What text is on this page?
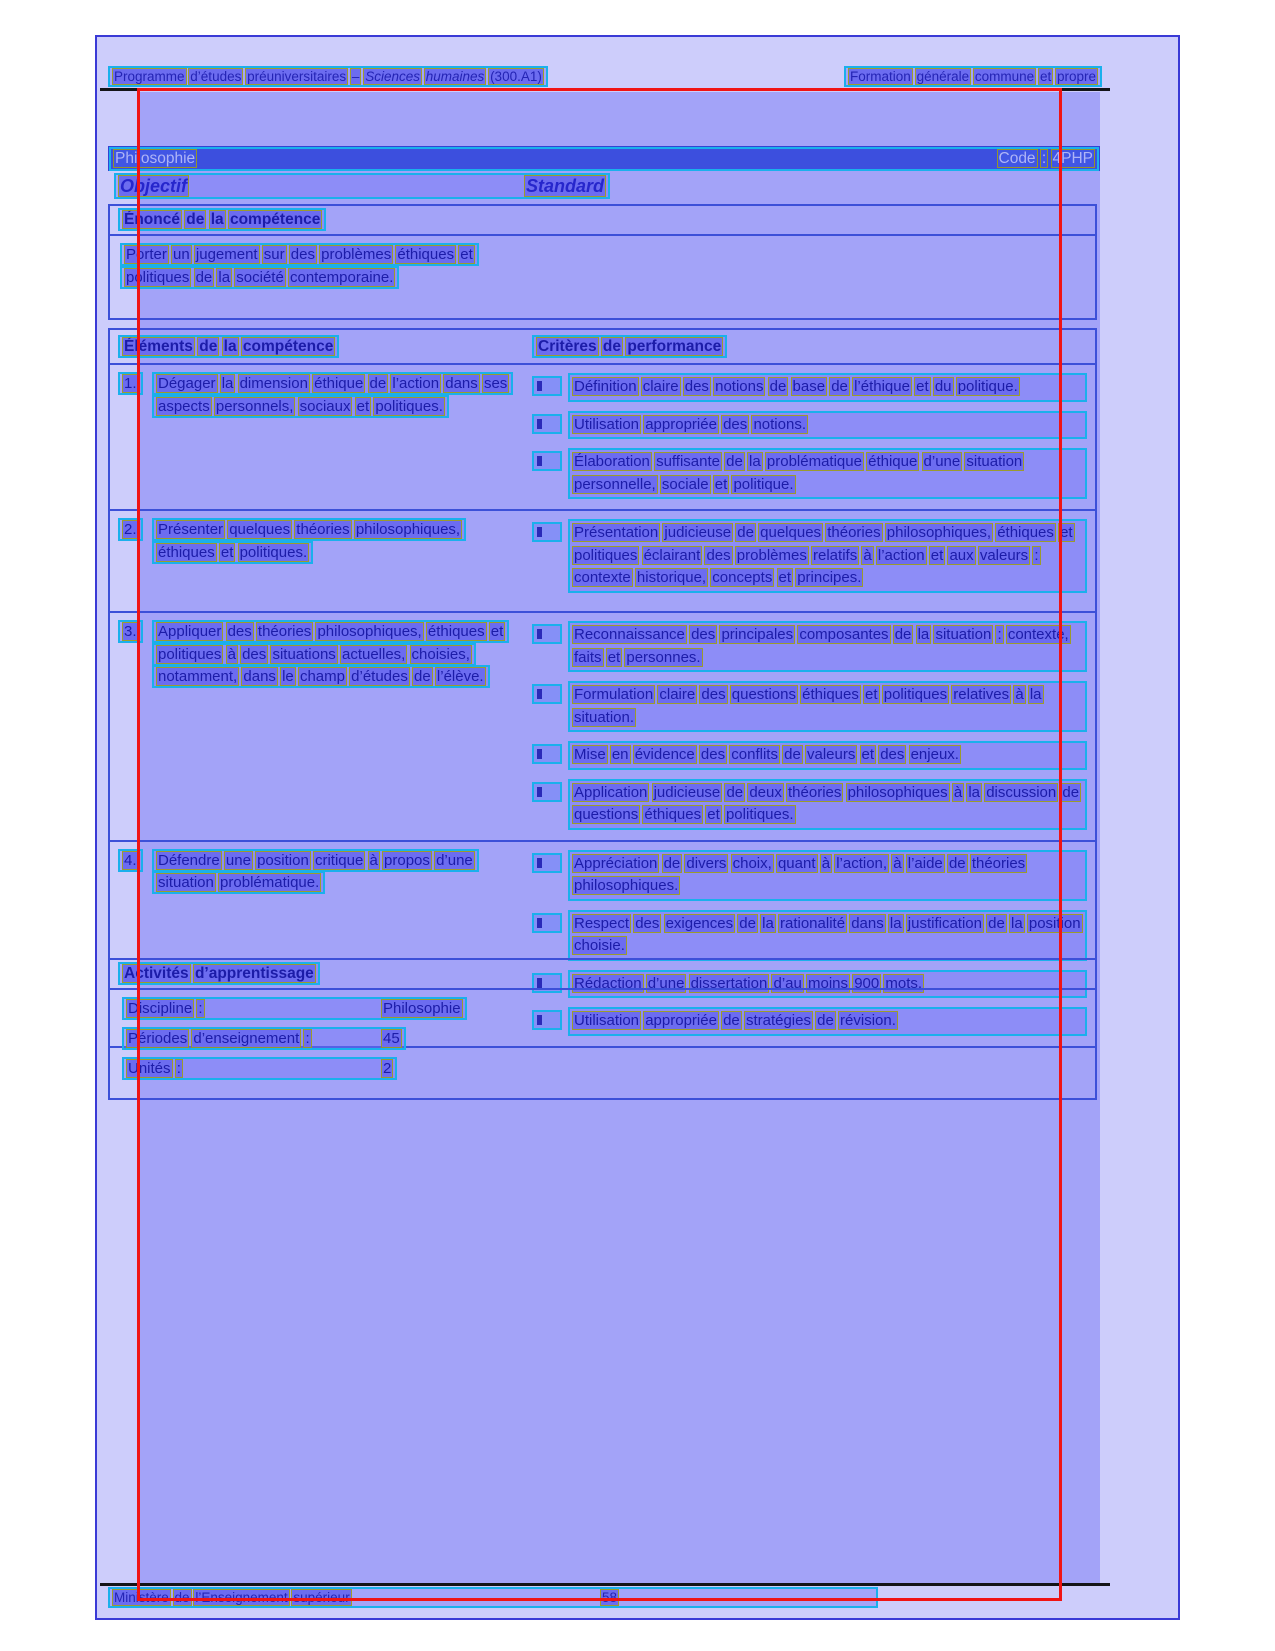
Programme d’études préuniversitaires – Sciences humaines (300.A1)	Formation générale commune et propre
Philosophie	Code : 4PHP
Objectif	Standard
Énoncé de la compétence
Porter un jugement sur des problèmes éthiques et politiques de la société contemporaine.
Éléments de la compétence	Critères de performance
1.	Dégager la dimension éthique de l’action dans ses aspects personnels, sociaux et politiques.
Définition claire des notions de base de l’éthique et du politique.
Utilisation appropriée des notions.
Élaboration suffisante de la problématique éthique d’une situation personnelle, sociale et politique.
2.	Présenter quelques théories philosophiques, éthiques et politiques.
Présentation judicieuse de quelques théories philosophiques, éthiques et politiques éclairant des problèmes relatifs à l’action et aux valeurs : contexte historique, concepts et principes.
3.	Appliquer des théories philosophiques, éthiques et politiques à des situations actuelles, choisies, notamment, dans le champ d’études de l’élève.
Reconnaissance des principales composantes de la situation : contexte, faits et personnes.
Formulation claire des questions éthiques et politiques relatives à la situation.
Mise en évidence des conflits de valeurs et des enjeux.
Application judicieuse de deux théories philosophiques à la discussion de questions éthiques et politiques.
4.	Défendre une position critique à propos d’une situation problématique.
Appréciation de divers choix, quant à l’action, à l’aide de théories philosophiques.
Respect des exigences de la rationalité dans la justification de la position choisie.
Rédaction d’une dissertation d’au moins 900 mots.
Utilisation appropriée de stratégies de révision.
Activités d’apprentissage
Discipline :	Philosophie
Périodes d’enseignement :	45
Unités :	2
Ministère de l’Enseignement supérieur	58
